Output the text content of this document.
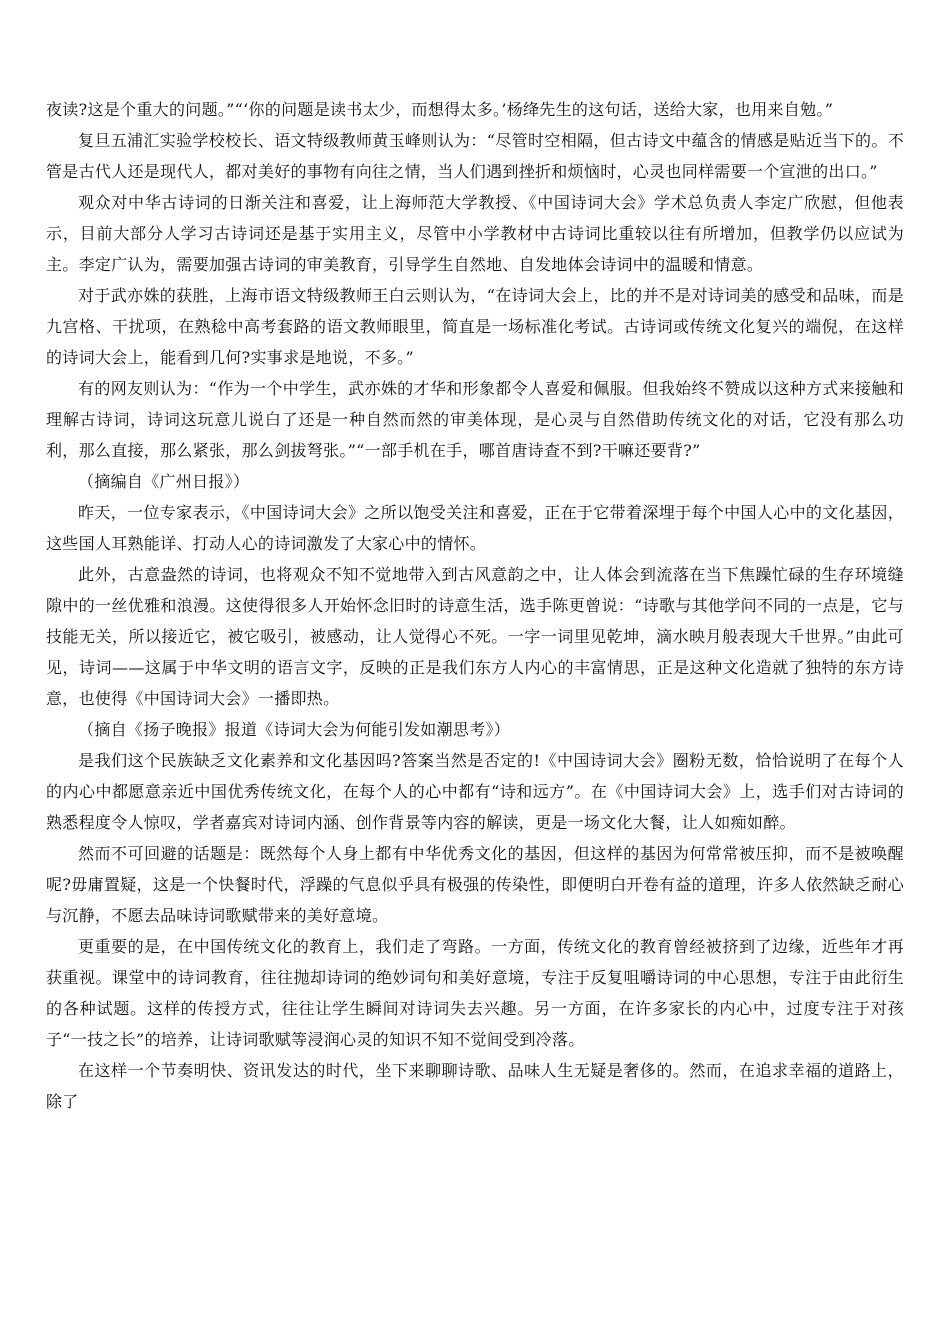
夜读?这是个重大的问题。”“‘你的问题是读书太少，而想得太多。’杨绛先生的这句话，送给大家，也用来自勉。”

复旦五浦汇实验学校校长、语文特级教师黄玉峰则认为：“尽管时空相隔，但古诗文中蕴含的情感是贴近当下的。不管是古代人还是现代人，都对美好的事物有向往之情，当人们遇到挫折和烦恼时，心灵也同样需要一个宣泄的出口。”

观众对中华古诗词的日渐关注和喜爱，让上海师范大学教授、《中国诗词大会》学术总负责人李定广欣慰，但他表示，目前大部分人学习古诗词还是基于实用主义，尽管中小学教材中古诗词比重较以往有所增加，但教学仍以应试为主。李定广认为，需要加强古诗词的审美教育，引导学生自然地、自发地体会诗词中的温暖和情意。

对于武亦姝的获胜，上海市语文特级教师王白云则认为，“在诗词大会上，比的并不是对诗词美的感受和品味，而是九宫格、干扰项，在熟稔中高考套路的语文教师眼里，简直是一场标准化考试。古诗词或传统文化复兴的端倪，在这样的诗词大会上，能看到几何?实事求是地说，不多。”

有的网友则认为：“作为一个中学生，武亦姝的才华和形象都令人喜爱和佩服。但我始终不赞成以这种方式来接触和理解古诗词，诗词这玩意儿说白了还是一种自然而然的审美体现，是心灵与自然借助传统文化的对话，它没有那么功利，那么直接，那么紧张，那么剑拔弩张。”“一部手机在手，哪首唐诗查不到?干嘛还要背?”

（摘编自《广州日报》）

昨天，一位专家表示，《中国诗词大会》之所以饱受关注和喜爱，正在于它带着深埋于每个中国人心中的文化基因，这些国人耳熟能详、打动人心的诗词激发了大家心中的情怀。

此外，古意盎然的诗词，也将观众不知不觉地带入到古风意韵之中，让人体会到流落在当下焦躁忙碌的生存环境缝隙中的一丝优雅和浪漫。这使得很多人开始怀念旧时的诗意生活，选手陈更曾说：“诗歌与其他学问不同的一点是，它与技能无关，所以接近它，被它吸引，被感动，让人觉得心不死。一字一词里见乾坤，滴水映月般表现大千世界。”由此可见，诗词——这属于中华文明的语言文字，反映的正是我们东方人内心的丰富情思，正是这种文化造就了独特的东方诗意，也使得《中国诗词大会》一播即热。

（摘自《扬子晚报》报道《诗词大会为何能引发如潮思考》）

是我们这个民族缺乏文化素养和文化基因吗?答案当然是否定的!《中国诗词大会》圈粉无数，恰恰说明了在每个人的内心中都愿意亲近中国优秀传统文化，在每个人的心中都有“诗和远方”。在《中国诗词大会》上，选手们对古诗词的熟悉程度令人惊叹，学者嘉宾对诗词内涵、创作背景等内容的解读，更是一场文化大餐，让人如痴如醉。

然而不可回避的话题是：既然每个人身上都有中华优秀文化的基因，但这样的基因为何常常被压抑，而不是被唤醒呢?毋庸置疑，这是一个快餐时代，浮躁的气息似乎具有极强的传染性，即便明白开卷有益的道理，许多人依然缺乏耐心与沉静，不愿去品味诗词歌赋带来的美好意境。

更重要的是，在中国传统文化的教育上，我们走了弯路。一方面，传统文化的教育曾经被挤到了边缘，近些年才再获重视。课堂中的诗词教育，往往抛却诗词的绝妙词句和美好意境，专注于反复咀嚼诗词的中心思想，专注于由此衍生的各种试题。这样的传授方式，往往让学生瞬间对诗词失去兴趣。另一方面，在许多家长的内心中，过度专注于对孩子“一技之长”的培养，让诗词歌赋等浸润心灵的知识不知不觉间受到冷落。

在这样一个节奏明快、资讯发达的时代，坐下来聊聊诗歌、品味人生无疑是奢侈的。然而，在追求幸福的道路上，除了
